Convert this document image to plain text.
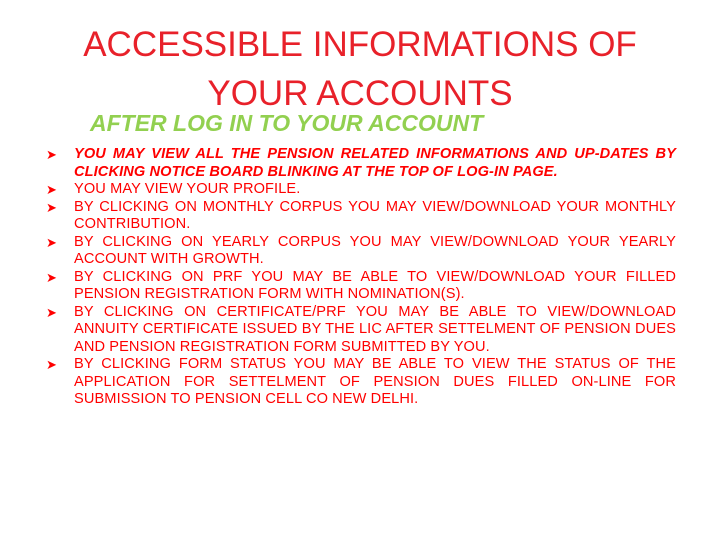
ACCESSIBLE INFORMATIONS OF YOUR ACCOUNTS
AFTER LOG IN TO YOUR ACCOUNT
➤	YOU MAY VIEW ALL THE PENSION RELATED INFORMATIONS AND UP-DATES BY CLICKING NOTICE BOARD BLINKING AT THE TOP OF LOG-IN PAGE.
➤	YOU MAY VIEW YOUR PROFILE.
➤	BY CLICKING ON MONTHLY CORPUS YOU MAY VIEW/DOWNLOAD YOUR MONTHLY CONTRIBUTION.
➤	BY CLICKING ON YEARLY CORPUS YOU MAY VIEW/DOWNLOAD YOUR YEARLY ACCOUNT WITH GROWTH.
➤	BY CLICKING ON PRF YOU MAY BE ABLE TO VIEW/DOWNLOAD YOUR FILLED PENSION REGISTRATION FORM WITH NOMINATION(S).
➤	BY CLICKING ON CERTIFICATE/PRF YOU MAY BE ABLE TO VIEW/DOWNLOAD ANNUITY CERTIFICATE ISSUED BY THE LIC AFTER SETTELMENT OF PENSION DUES AND PENSION REGISTRATION FORM SUBMITTED BY YOU.
➤	BY CLICKING FORM STATUS YOU MAY BE ABLE TO VIEW THE STATUS OF THE APPLICATION FOR SETTELMENT OF PENSION DUES FILLED ON-LINE FOR SUBMISSION TO PENSION CELL CO NEW DELHI.
